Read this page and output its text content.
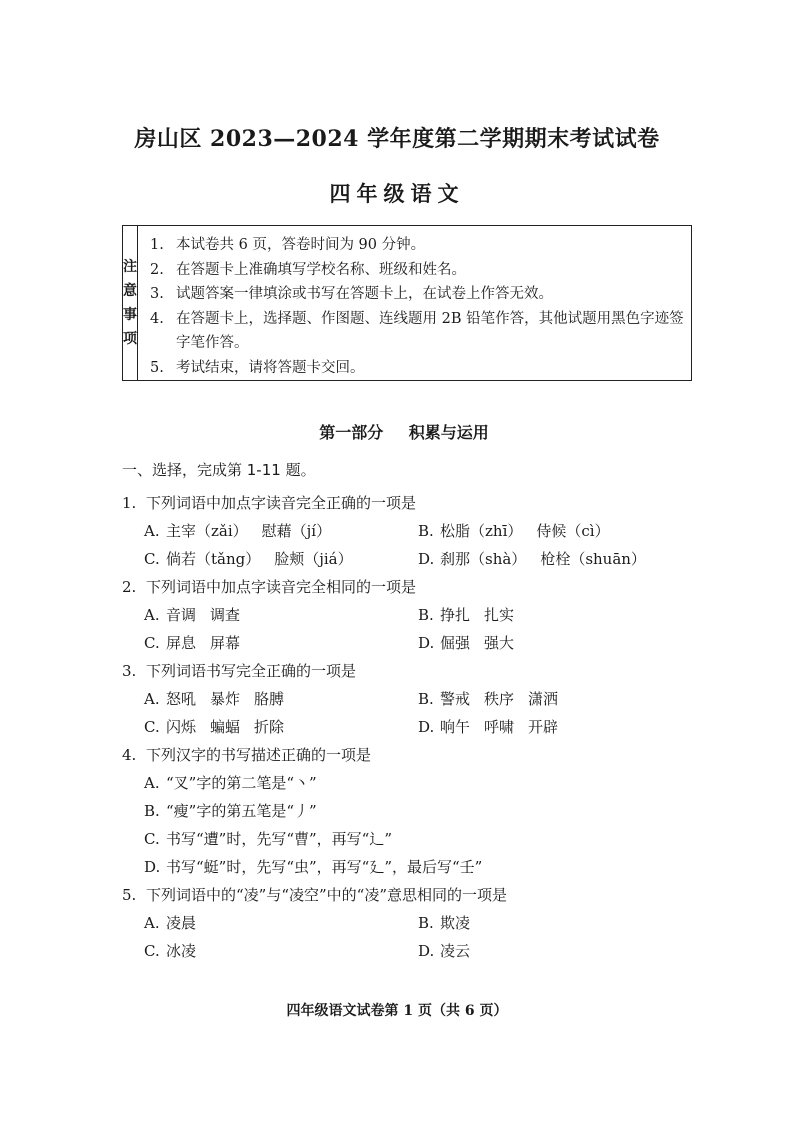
房山区 2023—2024 学年度第二学期期末考试试卷
四年级语文
注
意
事
项
1. 本试卷共 6 页，答卷时间为 90 分钟。
2. 在答题卡上准确填写学校名称、班级和姓名。
3. 试题答案一律填涂或书写在答题卡上，在试卷上作答无效。
4. 在答题卡上，选择题、作图题、连线题用 2B 铅笔作答，其他试题用黑色字迹签字笔作答。
5. 考试结束，请将答题卡交回。
第一部分 积累与运用
一、选择，完成第 1-11 题。
1. 下列词语中加点字读音完全正确的一项是
A. 主宰（zǎi） 慰藉（jí）	B. 松脂（zhī） 侍候（cì）
C. 倘若（tǎng） 脸颊（jiá）	D. 刹那（shà） 枪栓（shuān）
2. 下列词语中加点字读音完全相同的一项是
A. 音调 调查	B. 挣扎 扎实
C. 屏息 屏幕	D. 倔强 强大
3. 下列词语书写完全正确的一项是
A. 怒吼 暴炸 胳膊	B. 警戒 秩序 潇洒
C. 闪烁 蝙蝠 折除	D. 响午 呼啸 开辟
4. 下列汉字的书写描述正确的一项是
A. “叉”字的第二笔是“丶”
B. “瘦”字的第五笔是“丿”
C. 书写“遭”时，先写“曹”，再写“辶”
D. 书写“蜓”时，先写“虫”，再写“廴”，最后写“壬”
5. 下列词语中的“凌”与“凌空”中的“凌”意思相同的一项是
A. 凌晨	B. 欺凌
C. 冰凌	D. 凌云
四年级语文试卷第 1 页（共 6 页）
